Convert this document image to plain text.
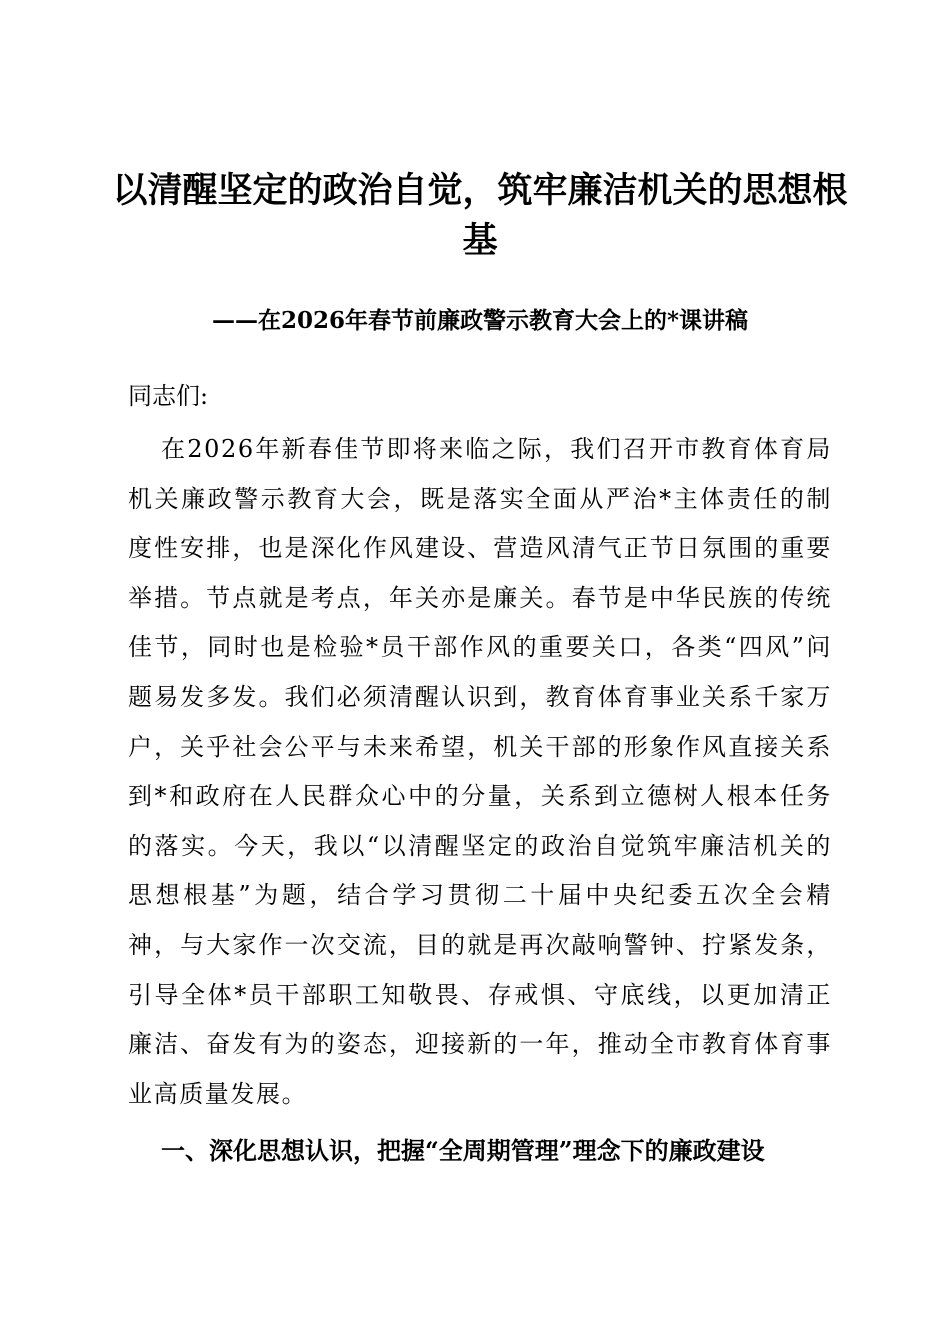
以清醒坚定的政治自觉，筑牢廉洁机关的思想根基
——在2026年春节前廉政警示教育大会上的*课讲稿

同志们:

在2026年新春佳节即将来临之际，我们召开市教育体育局机关廉政警示教育大会，既是落实全面从严治*主体责任的制度性安排，也是深化作风建设、营造风清气正节日氛围的重要举措。节点就是考点，年关亦是廉关。春节是中华民族的传统佳节，同时也是检验*员干部作风的重要关口，各类“四风”问题易发多发。我们必须清醒认识到，教育体育事业关系千家万户，关乎社会公平与未来希望，机关干部的形象作风直接关系到*和政府在人民群众心中的分量，关系到立德树人根本任务的落实。今天，我以“以清醒坚定的政治自觉筑牢廉洁机关的思想根基”为题，结合学习贯彻二十届中央纪委五次全会精神，与大家作一次交流，目的就是再次敲响警钟、拧紧发条，引导全体*员干部职工知敬畏、存戒惧、守底线，以更加清正廉洁、奋发有为的姿态，迎接新的一年，推动全市教育体育事业高质量发展。

一、深化思想认识，把握“全周期管理”理念下的廉政建设
